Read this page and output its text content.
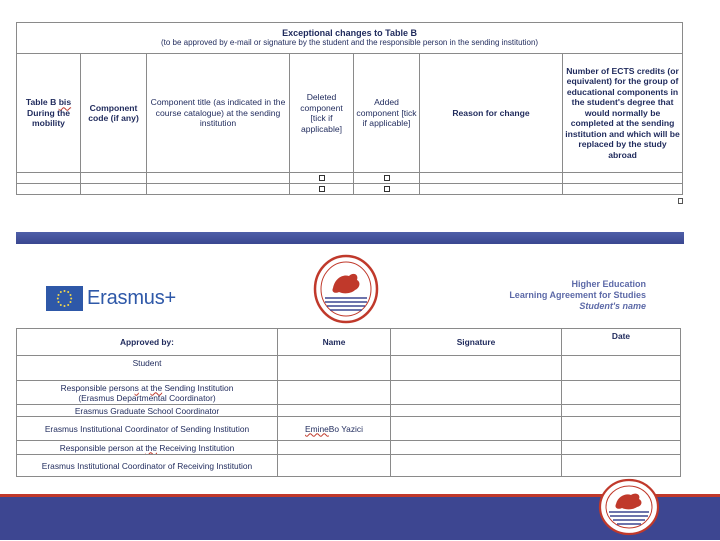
Exceptional changes to Table B
(to be approved by e-mail or signature by the student and the responsible person in the sending institution)						

Table B bis During the mobility	Component code (if any)	Component title (as indicated in the course catalogue) at the sending institution	Deleted component [tick if applicable]	Added component [tick if applicable]	Reason for change	Number of ECTS credits (or equivalent) for the group of educational components in the student's degree that would normally be completed at the sending institution and which will be replaced by the study abroad

Erasmus+
Higher Education
Learning Agreement for Studies
Student's name
Approved by:	Name	Signature	Date
Student			
Responsible persons at the Sending Institution
(Erasmus Departmental Coordinator)			
Erasmus Graduate School Coordinator			
Erasmus Institutional Coordinator of Sending Institution	EmineBo Yazici		
Responsible person at the Receiving Institution			
Erasmus Institutional Coordinator of Receiving Institution			
